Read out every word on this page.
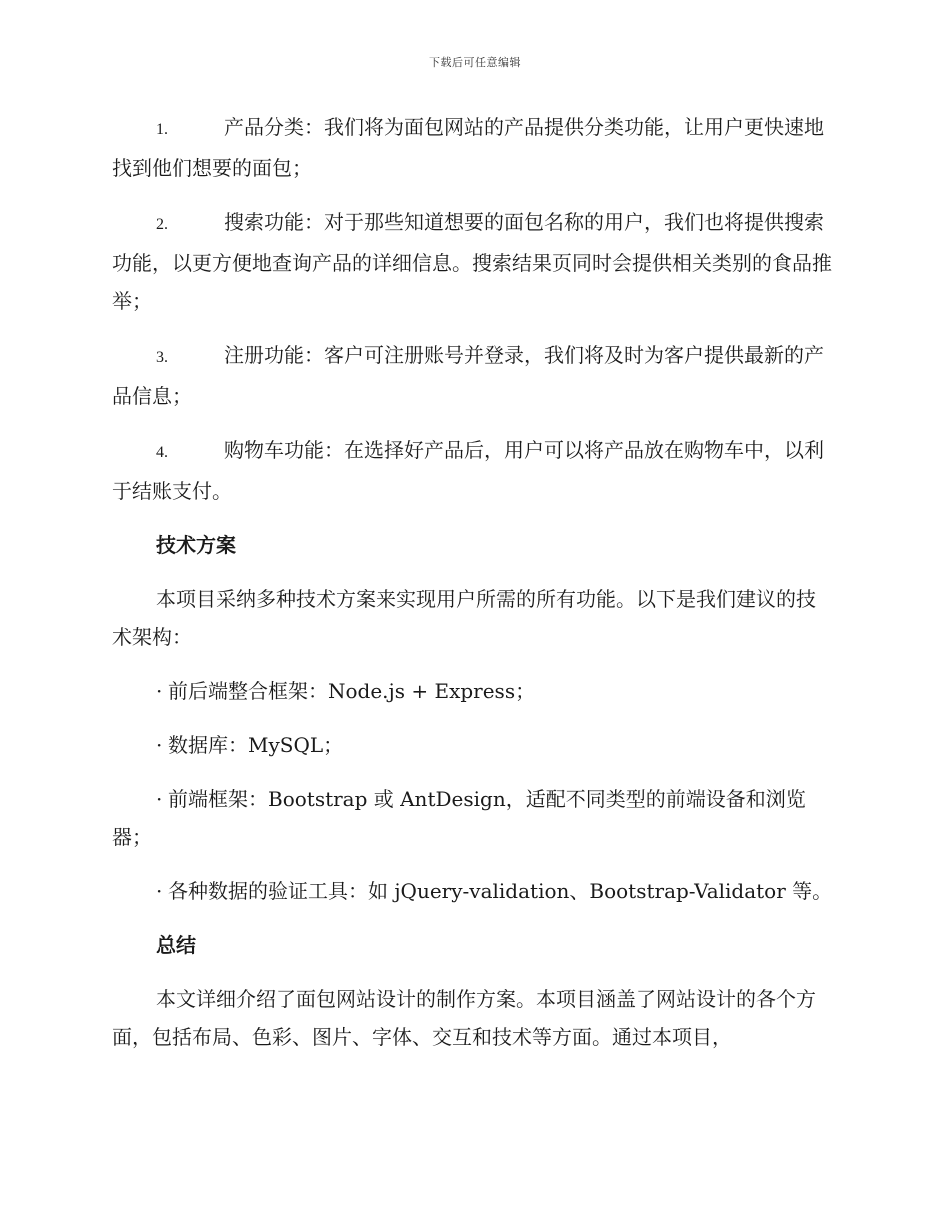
下载后可任意编辑

1.	产品分类：我们将为面包网站的产品提供分类功能，让用户更快速地找到他们想要的面包；

2.	搜索功能：对于那些知道想要的面包名称的用户，我们也将提供搜索功能，以更方便地查询产品的详细信息。搜索结果页同时会提供相关类别的食品推举；

3.	注册功能：客户可注册账号并登录，我们将及时为客户提供最新的产品信息；

4.	购物车功能：在选择好产品后，用户可以将产品放在购物车中，以利于结账支付。

技术方案

本项目采纳多种技术方案来实现用户所需的所有功能。以下是我们建议的技术架构：

· 前后端整合框架：Node.js + Express；

· 数据库：MySQL；

· 前端框架：Bootstrap 或 AntDesign，适配不同类型的前端设备和浏览器；

· 各种数据的验证工具：如 jQuery-validation、Bootstrap-Validator 等。

总结

本文详细介绍了面包网站设计的制作方案。本项目涵盖了网站设计的各个方面，包括布局、色彩、图片、字体、交互和技术等方面。通过本项目，
